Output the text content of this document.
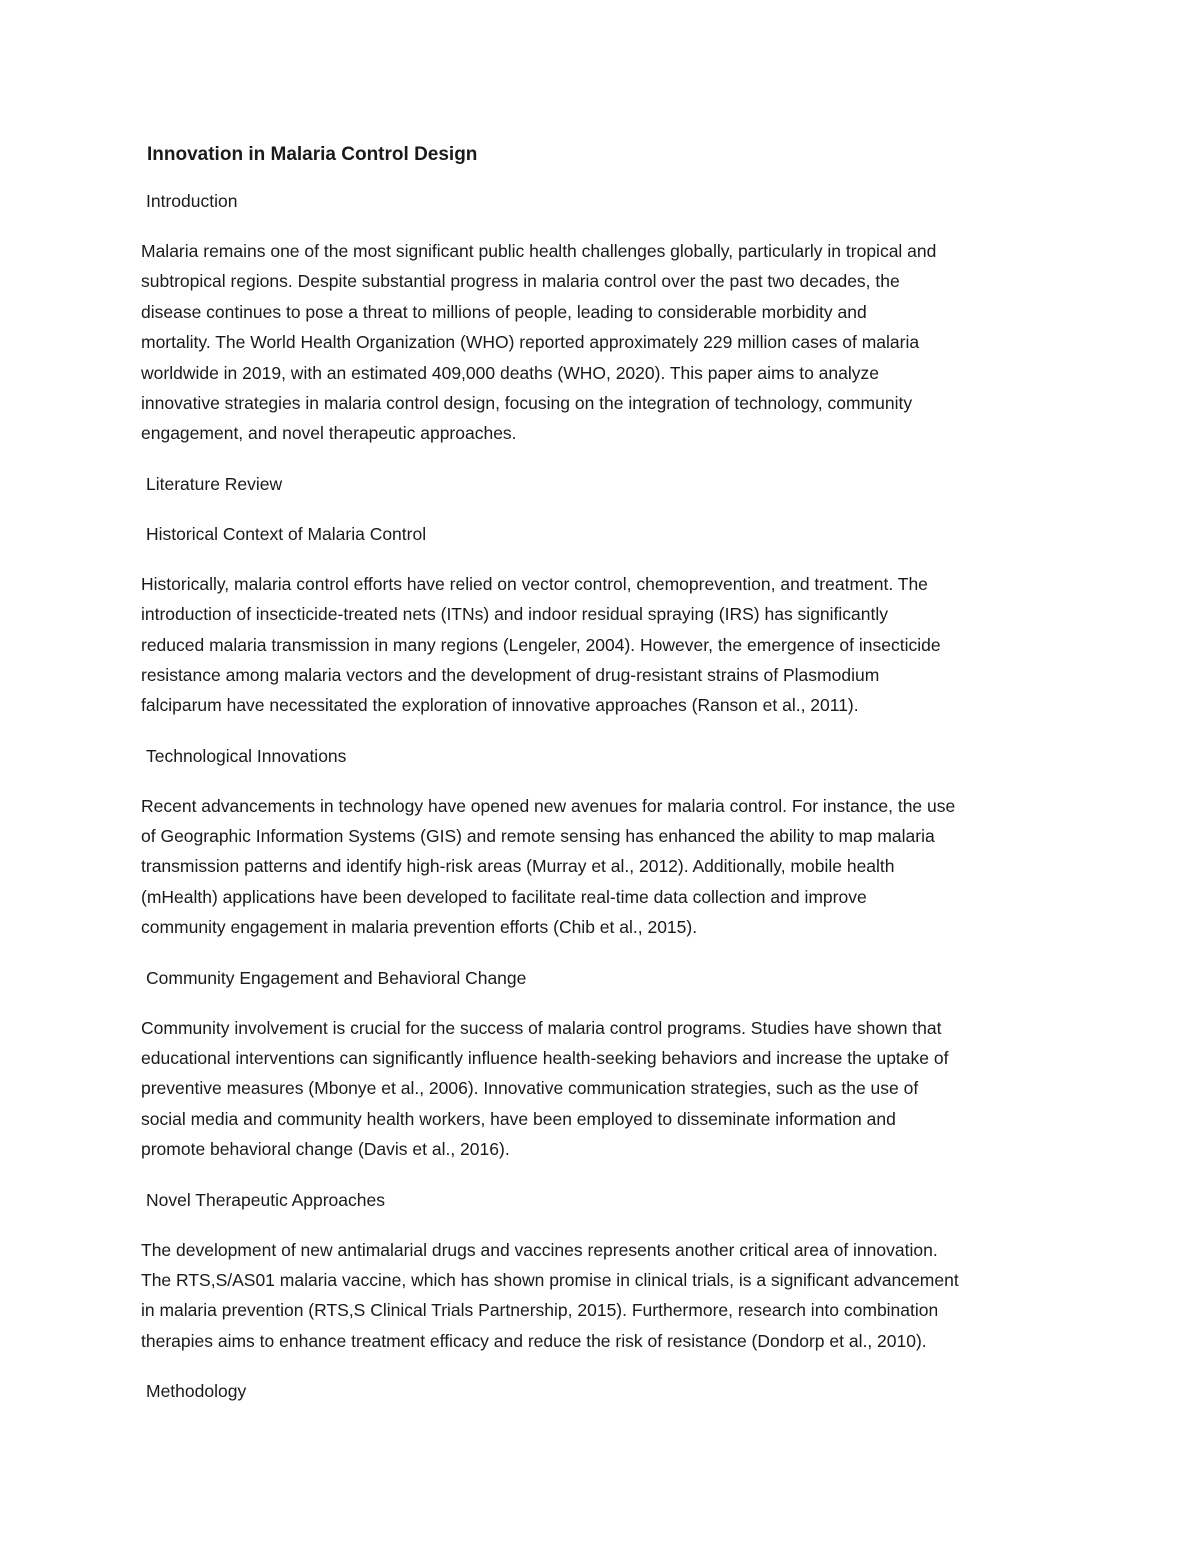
Innovation in Malaria Control Design
Introduction
Malaria remains one of the most significant public health challenges globally, particularly in tropical and
subtropical regions. Despite substantial progress in malaria control over the past two decades, the
disease continues to pose a threat to millions of people, leading to considerable morbidity and
mortality. The World Health Organization (WHO) reported approximately 229 million cases of malaria
worldwide in 2019, with an estimated 409,000 deaths (WHO, 2020). This paper aims to analyze
innovative strategies in malaria control design, focusing on the integration of technology, community
engagement, and novel therapeutic approaches.
Literature Review
Historical Context of Malaria Control
Historically, malaria control efforts have relied on vector control, chemoprevention, and treatment. The
introduction of insecticide-treated nets (ITNs) and indoor residual spraying (IRS) has significantly
reduced malaria transmission in many regions (Lengeler, 2004). However, the emergence of insecticide
resistance among malaria vectors and the development of drug-resistant strains of Plasmodium
falciparum have necessitated the exploration of innovative approaches (Ranson et al., 2011).
Technological Innovations
Recent advancements in technology have opened new avenues for malaria control. For instance, the use
of Geographic Information Systems (GIS) and remote sensing has enhanced the ability to map malaria
transmission patterns and identify high-risk areas (Murray et al., 2012). Additionally, mobile health
(mHealth) applications have been developed to facilitate real-time data collection and improve
community engagement in malaria prevention efforts (Chib et al., 2015).
Community Engagement and Behavioral Change
Community involvement is crucial for the success of malaria control programs. Studies have shown that
educational interventions can significantly influence health-seeking behaviors and increase the uptake of
preventive measures (Mbonye et al., 2006). Innovative communication strategies, such as the use of
social media and community health workers, have been employed to disseminate information and
promote behavioral change (Davis et al., 2016).
Novel Therapeutic Approaches
The development of new antimalarial drugs and vaccines represents another critical area of innovation.
The RTS,S/AS01 malaria vaccine, which has shown promise in clinical trials, is a significant advancement
in malaria prevention (RTS,S Clinical Trials Partnership, 2015). Furthermore, research into combination
therapies aims to enhance treatment efficacy and reduce the risk of resistance (Dondorp et al., 2010).
Methodology
